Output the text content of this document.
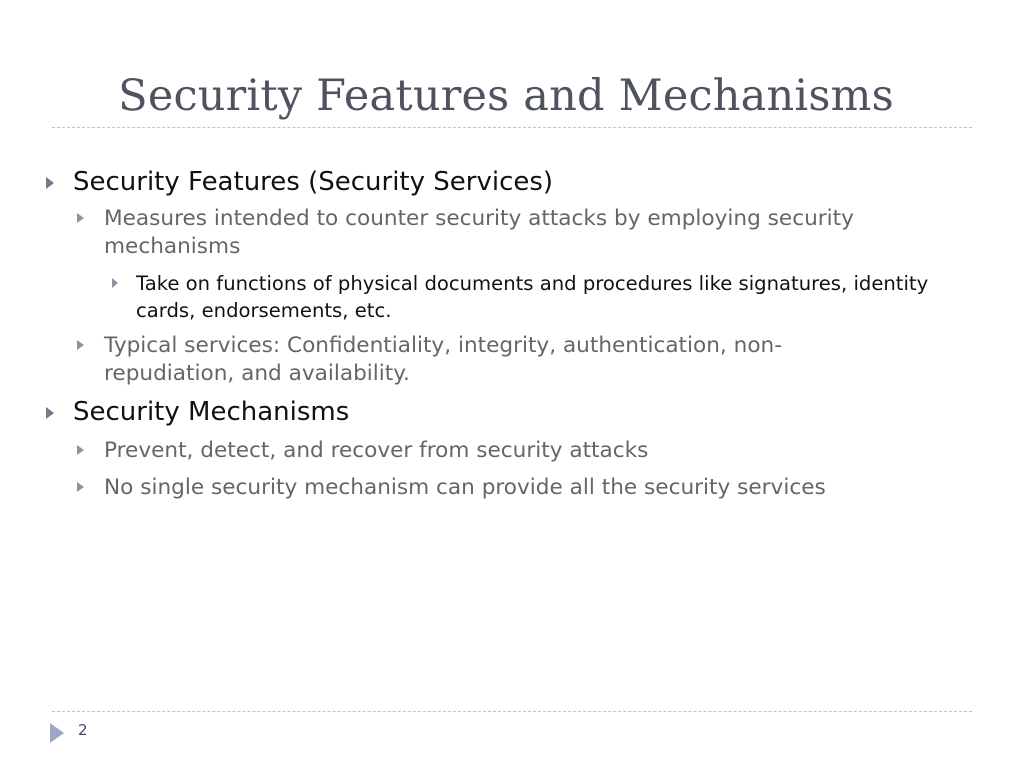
Security Features and Mechanisms
Security Features (Security Services)
Measures intended to counter security attacks by employing security mechanisms
Take on functions of physical documents and procedures like signatures, identity cards, endorsements, etc.
Typical services: Confidentiality, integrity, authentication, non-repudiation, and availability.
Security Mechanisms
Prevent, detect, and recover from security attacks
No single security mechanism can provide all the security services
2
